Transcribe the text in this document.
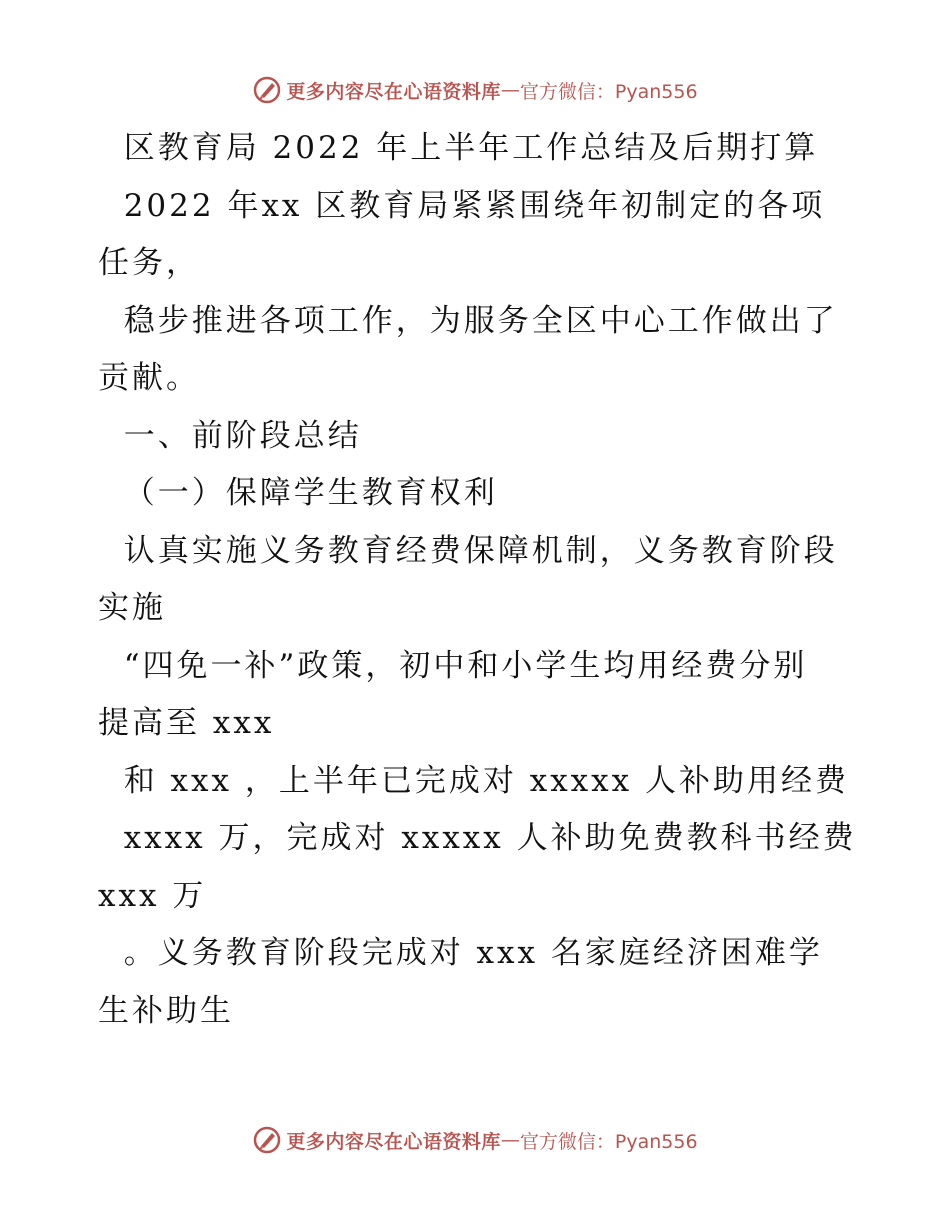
更多内容尽在心语资料库 — 官方微信：Pyan556
区教育局 2022 年上半年工作总结及后期打算
2022 年xx 区教育局紧紧围绕年初制定的各项
任务，
稳步推进各项工作，为服务全区中心工作做出了
贡献。
一、前阶段总结
（一）保障学生教育权利
认真实施义务教育经费保障机制，义务教育阶段
实施
“四免一补”政策，初中和小学生均用经费分别
提高至 xxx
和 xxx ，上半年已完成对 xxxxx 人补助用经费
xxxx 万，完成对 xxxxx 人补助免费教科书经费
xxx 万
。义务教育阶段完成对 xxx 名家庭经济困难学
生补助生
更多内容尽在心语资料库 — 官方微信：Pyan556
